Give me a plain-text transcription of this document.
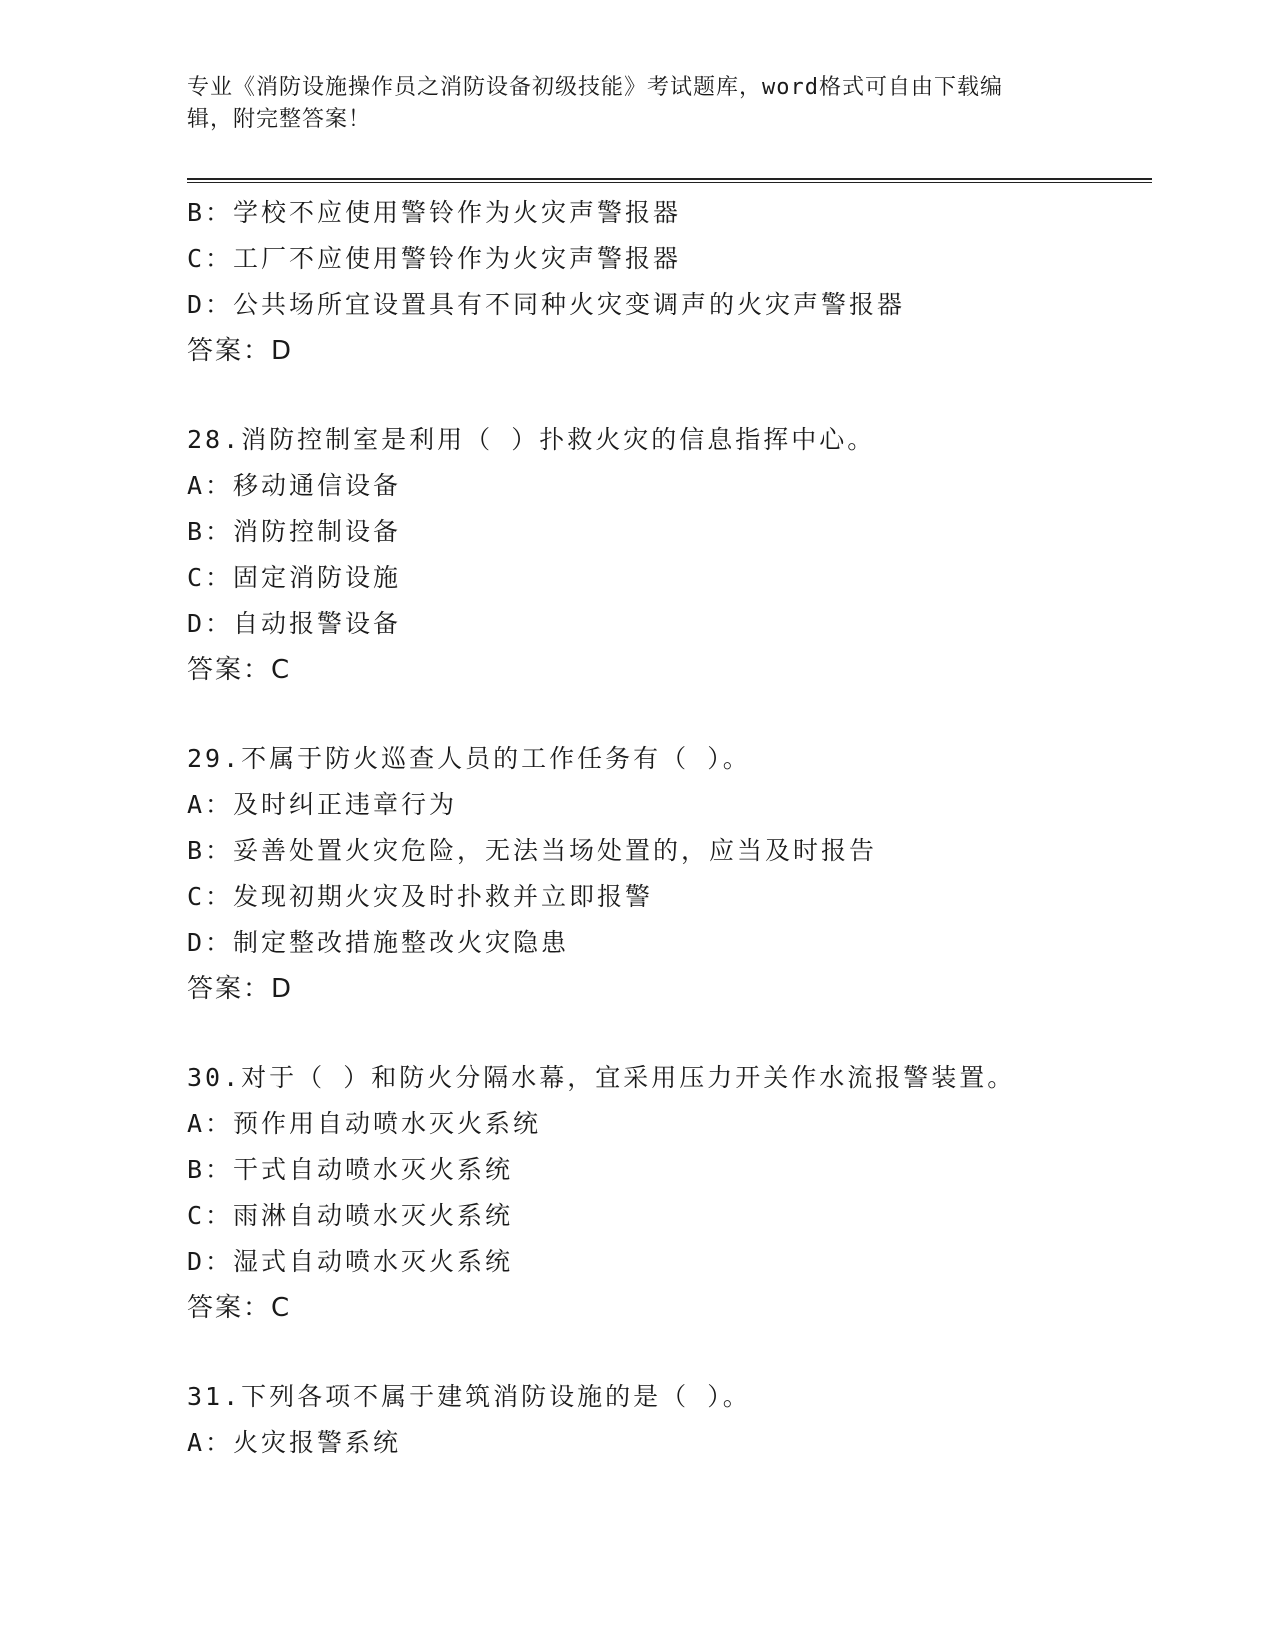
专业《消防设施操作员之消防设备初级技能》考试题库，word格式可自由下载编
辑，附完整答案！
B：学校不应使用警铃作为火灾声警报器
C：工厂不应使用警铃作为火灾声警报器
D：公共场所宜设置具有不同种火灾变调声的火灾声警报器
答案：D
28.消防控制室是利用（ ）扑救火灾的信息指挥中心。
A：移动通信设备
B：消防控制设备
C：固定消防设施
D：自动报警设备
答案：C
29.不属于防火巡查人员的工作任务有（ ）。
A：及时纠正违章行为
B：妥善处置火灾危险，无法当场处置的，应当及时报告
C：发现初期火灾及时扑救并立即报警
D：制定整改措施整改火灾隐患
答案：D
30.对于（ ）和防火分隔水幕，宜采用压力开关作水流报警装置。
A：预作用自动喷水灭火系统
B：干式自动喷水灭火系统
C：雨淋自动喷水灭火系统
D：湿式自动喷水灭火系统
答案：C
31.下列各项不属于建筑消防设施的是（ ）。
A：火灾报警系统
